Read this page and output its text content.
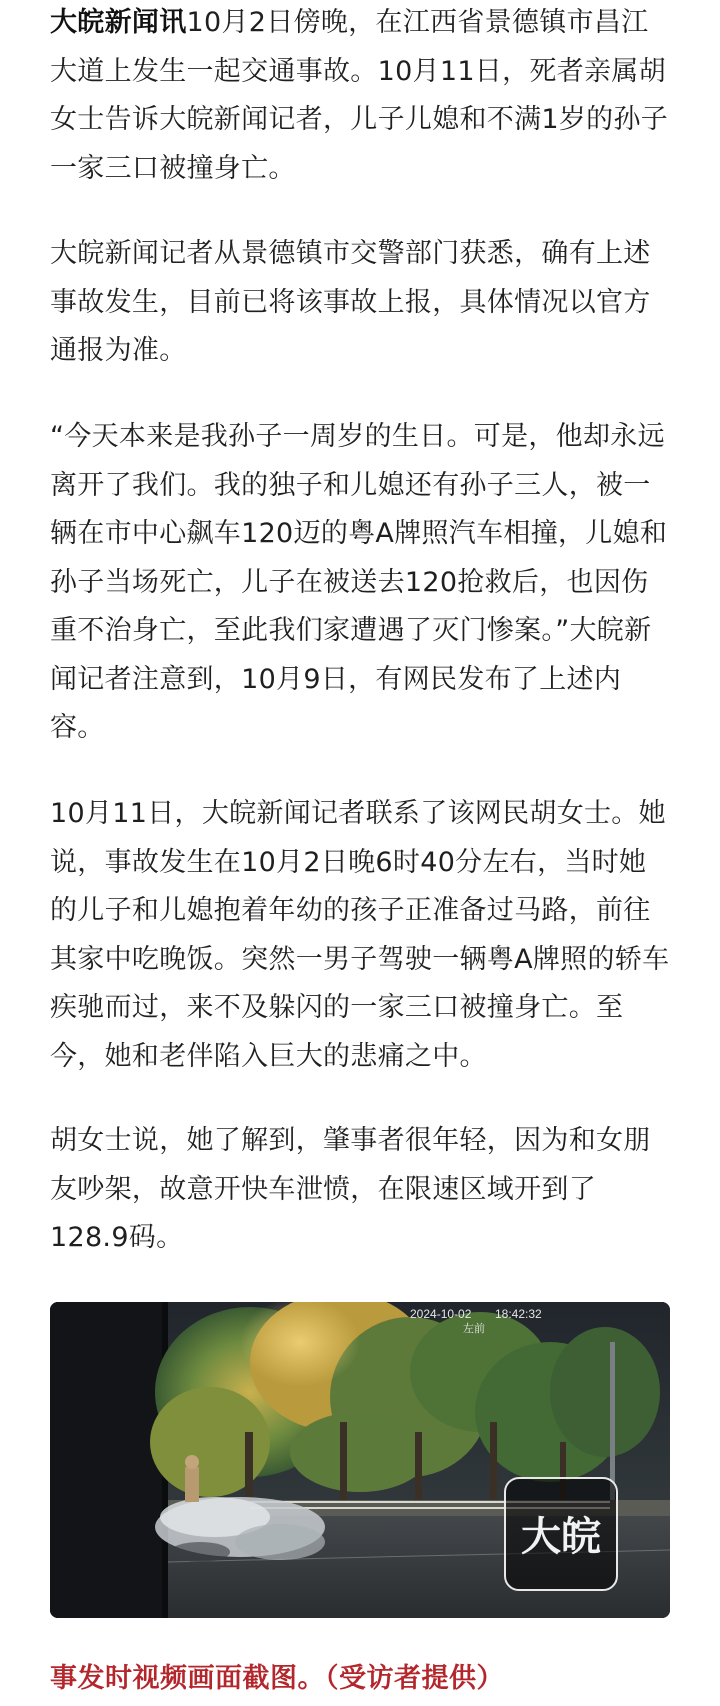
大皖新闻讯10月2日傍晚，在江西省景德镇市昌江大道上发生一起交通事故。10月11日，死者亲属胡女士告诉大皖新闻记者，儿子儿媳和不满1岁的孙子一家三口被撞身亡。

大皖新闻记者从景德镇市交警部门获悉，确有上述事故发生，目前已将该事故上报，具体情况以官方通报为准。

“今天本来是我孙子一周岁的生日。可是，他却永远离开了我们。我的独子和儿媳还有孙子三人，被一辆在市中心飙车120迈的粤A牌照汽车相撞，儿媳和孙子当场死亡，儿子在被送去120抢救后，也因伤重不治身亡，至此我们家遭遇了灭门惨案。”大皖新闻记者注意到，10月9日，有网民发布了上述内容。

10月11日，大皖新闻记者联系了该网民胡女士。她说，事故发生在10月2日晚6时40分左右，当时她的儿子和儿媳抱着年幼的孩子正准备过马路，前往其家中吃晚饭。突然一男子驾驶一辆粤A牌照的轿车疾驰而过，来不及躲闪的一家三口被撞身亡。至今，她和老伴陷入巨大的悲痛之中。

胡女士说，她了解到，肇事者很年轻，因为和女朋友吵架，故意开快车泄愤，在限速区域开到了128.9码。

2024-10-02 18:42:32
左前
大皖
事发时视频画面截图。（受访者提供）
